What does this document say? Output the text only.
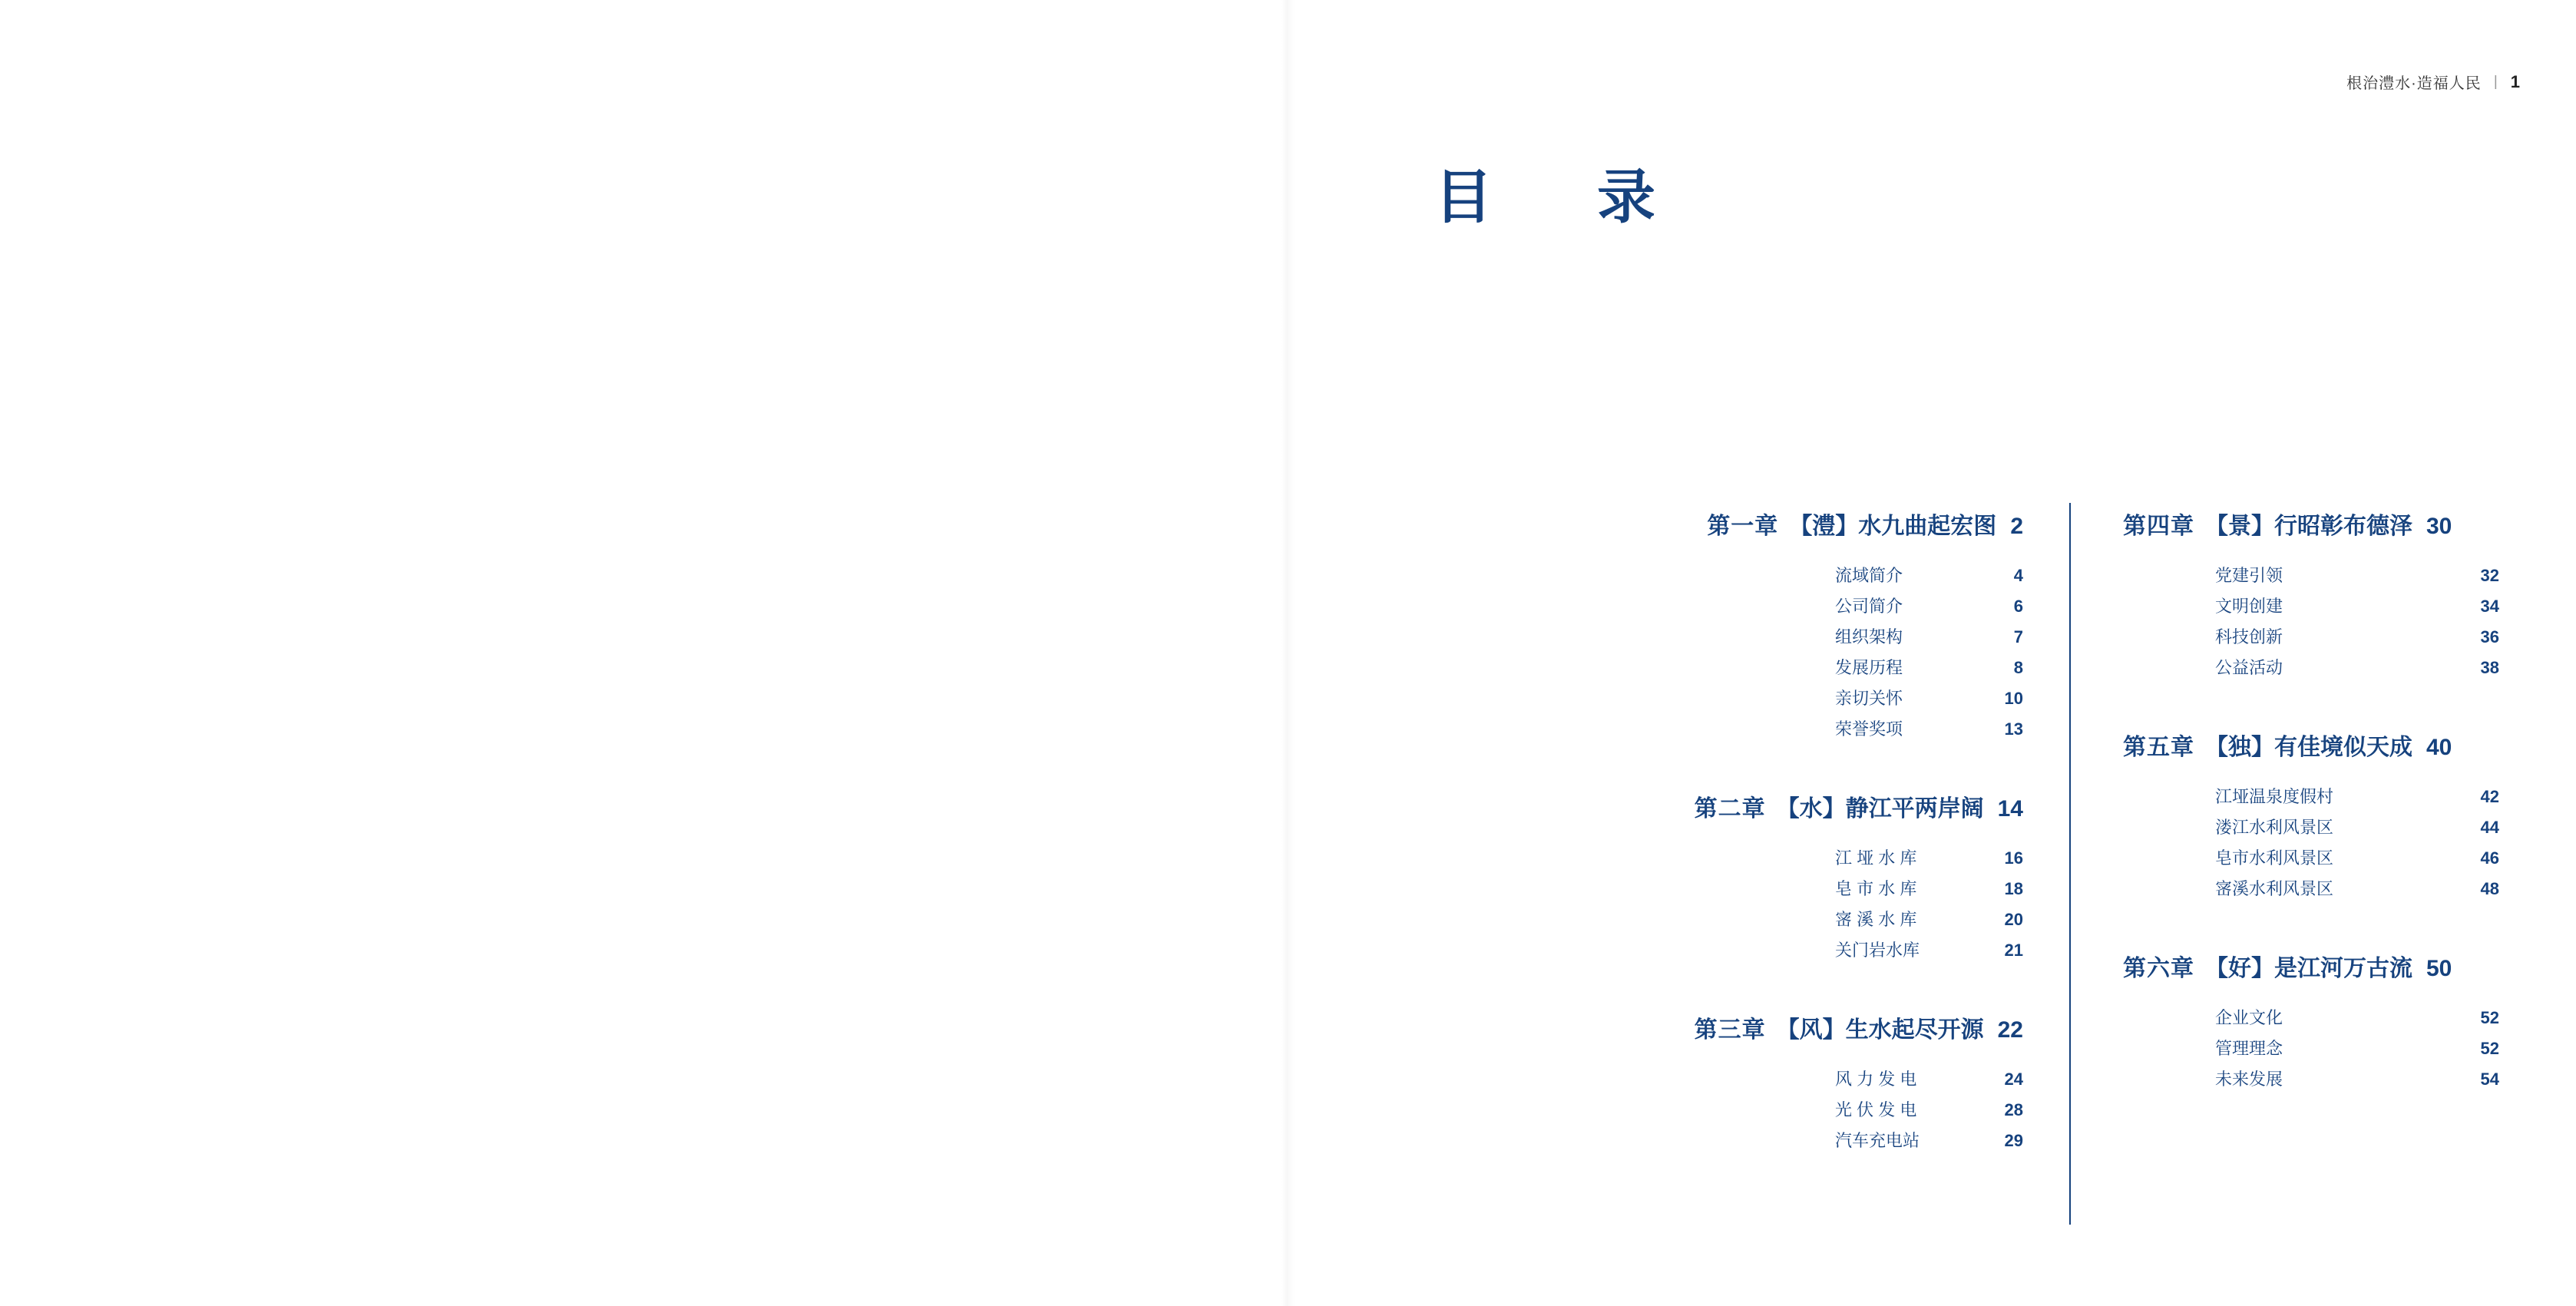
根治澧水·造福人民 | 1
目　录
第一章 【澧】水九曲起宏图 2
流域简介	4
公司简介	6
组织架构	7
发展历程	8
亲切关怀	10
荣誉奖项	13
第二章 【水】静江平两岸阔 14
江 垭 水 库	16
皂 市 水 库	18
宻 溪 水 库	20
关门岩水库	21
第三章 【风】生水起尽开源 22
风 力 发 电	24
光 伏 发 电	28
汽车充电站	29
第四章 【景】行昭彰布德泽 30
党建引领	32
文明创建	34
科技创新	36
公益活动	38
第五章 【独】有佳境似天成 40
江垭温泉度假村	42
溇江水利风景区	44
皂市水利风景区	46
宻溪水利风景区	48
第六章 【好】是江河万古流 50
企业文化	52
管理理念	52
未来发展	54
